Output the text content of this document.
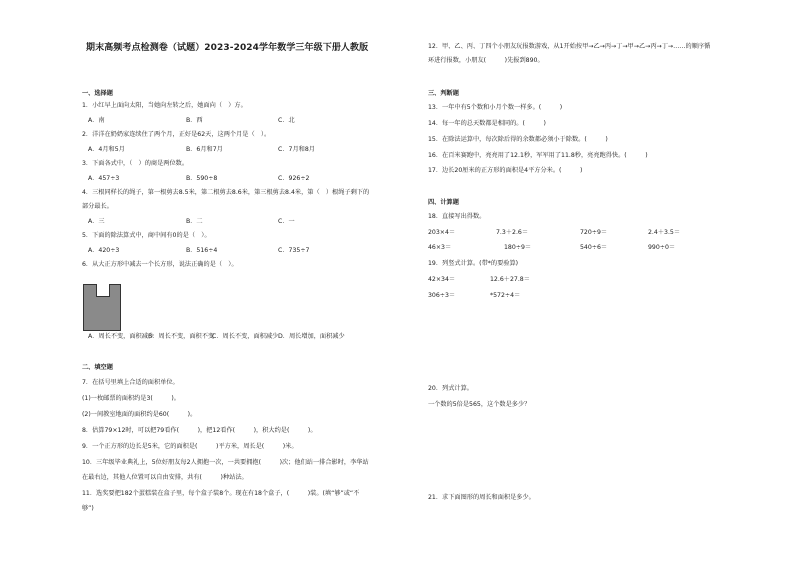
期末高频考点检测卷（试题）2023-2024学年数学三年级下册人教版
一、选择题
1．小红早上面向太阳，当她向左转之后，她面向（　）方。
A．南	B．西	C．北
2．洋洋在奶奶家连续住了两个月，正好是62天，这两个月是（　）。
A．4月和5月	B．6月和7月	C．7月和8月
3．下面各式中，（　）的商是两位数。
A．457÷3	B．590÷8	C．926÷2
4．三根同样长的绳子，第一根剪去8.5米，第二根剪去8.6米，第三根剪去8.4米，第（　）根绳子剩下的
部分最长。
A．三	B．二	C．一
5．下面的除法算式中，商中间有0的是（　）。
A．420÷3	B．516÷4	C．735÷7
6．从大正方形中减去一个长方形，说法正确的是（　）。
A．周长不变，面积减少
B．周长不变，面积不变
C．周长不变，面积减少 D．周长增加，面积减少
二、填空题
7．在括号里填上合适的面积单位。
(1)一枚邮票的面积约是3(　　　)。
(2)一间教室地面的面积约是60(　　　)。
8．估算79×12时，可以把79看作(　　　)，把12看作(　　　)，积大约是(　　　)。
9．一个正方形的边长是5米，它的面积是(　　　)平方米，周长是(　　　)米。
10．三年级毕业典礼上，5位好朋友每2人拥抱一次，一共要拥抱(　　　)次；他们站一排合影时，李华站
在最右边，其他人位置可以自由安排，共有(　　　)种站法。
11．选奖要把182个蛋糕装在盒子里，每个盒子装8个。现在有18个盒子，(　　　)装。(填“够”或“不
够”)
12．甲、乙、丙、丁四个小朋友玩报数游戏，从1开始按甲→乙→丙→丁→甲→乙→丙→丁→……的顺序循
环进行报数，小朋友(　　　)先报到890。
三、判断题
13．一年中有5个数和小月个数一样多。(　　　)
14．每一年的总天数都是相同的。(　　　)
15．在除法运算中，每次除后得的余数都必须小于除数。(　　　)
16．在百米赛跑中，亮亮用了12.1秒，军军用了11.8秒，亮亮跑得快。(　　　)
17．边长20厘米的正方形的面积是4平方分米。(　　　)
四、计算题
18．直接写出得数。
203×4＝	7.3＋2.6＝	720÷9＝	2.4＋3.5＝
46×3＝	180÷9＝	540÷6＝	990÷0＝
19．列竖式计算。(带*的要验算)
42×34＝	12.6＋27.8＝
306÷3＝	*572÷4＝
20．列式计算。
一个数的5倍是565，这个数是多少？
21．求下面图形的周长和面积是多少。
